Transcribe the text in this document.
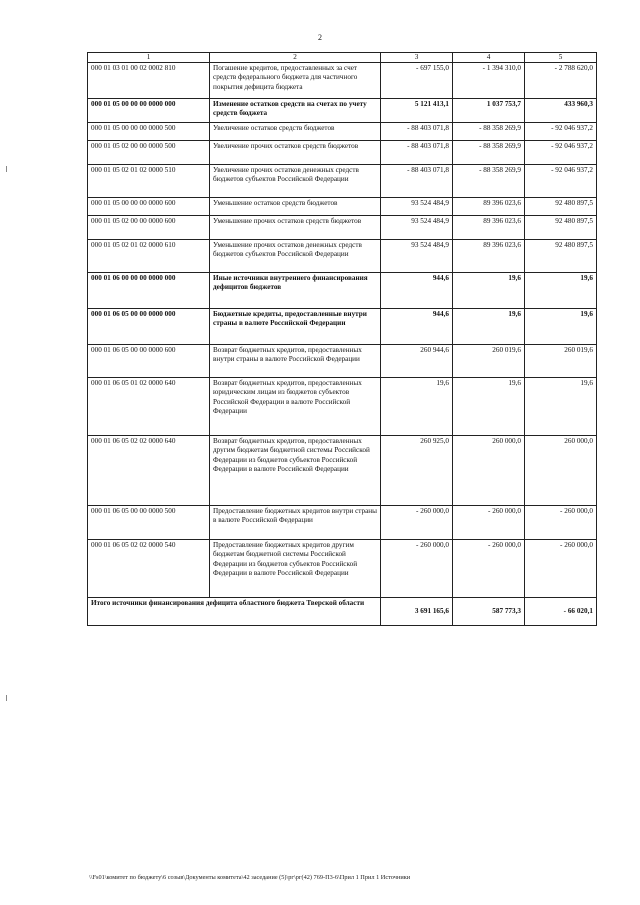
2
1	2	3	4	5
000 01 03 01 00 02 0002 810	Погашение кредитов, предоставленных за счет средств федерального бюджета для частичного покрытия дефицита бюджета	- 697 155,0	- 1 394 310,0	- 2 788 620,0
000 01 05 00 00 00 0000 000	Изменение остатков средств на счетах по учету средств бюджета	5 121 413,1	1 037 753,7	433 960,3
000 01 05 00 00 00 0000 500	Увеличение остатков средств бюджетов	- 88 403 071,8	- 88 358 269,9	- 92 046 937,2
000 01 05 02 00 00 0000 500	Увеличение прочих остатков средств бюджетов	- 88 403 071,8	- 88 358 269,9	- 92 046 937,2
000 01 05 02 01 02 0000 510	Увеличение прочих остатков денежных средств бюджетов субъектов Российской Федерации	- 88 403 071,8	- 88 358 269,9	- 92 046 937,2
000 01 05 00 00 00 0000 600	Уменьшение остатков средств бюджетов	93 524 484,9	89 396 023,6	92 480 897,5
000 01 05 02 00 00 0000 600	Уменьшение прочих остатков средств бюджетов	93 524 484,9	89 396 023,6	92 480 897,5
000 01 05 02 01 02 0000 610	Уменьшение прочих остатков денежных средств бюджетов субъектов Российской Федерации	93 524 484,9	89 396 023,6	92 480 897,5
000 01 06 00 00 00 0000 000	Иные источники внутреннего финансирования дефицитов бюджетов	944,6	19,6	19,6
000 01 06 05 00 00 0000 000	Бюджетные кредиты, предоставленные внутри страны в валюте Российской Федерации	944,6	19,6	19,6
000 01 06 05 00 00 0000 600	Возврат бюджетных кредитов, предоставленных внутри страны в валюте Российской Федерации	260 944,6	260 019,6	260 019,6
000 01 06 05 01 02 0000 640	Возврат бюджетных кредитов, предоставленных юридическим лицам из бюджетов субъектов Российской Федерации в валюте Российской Федерации	19,6	19,6	19,6
000 01 06 05 02 02 0000 640	Возврат бюджетных кредитов, предоставленных другим бюджетам бюджетной системы Российской Федерации из бюджетов субъектов Российской Федерации в валюте Российской Федерации	260 925,0	260 000,0	260 000,0
000 01 06 05 00 00 0000 500	Предоставление бюджетных кредитов внутри страны в валюте Российской Федерации	- 260 000,0	- 260 000,0	- 260 000,0
000 01 06 05 02 02 0000 540	Предоставление бюджетных кредитов другим бюджетам бюджетной системы Российской Федерации из бюджетов субъектов Российской Федерации в валюте Российской Федерации	- 260 000,0	- 260 000,0	- 260 000,0
Итого источники финансирования дефицита областного бюджета Тверской области		3 691 165,6	587 773,3	- 66 020,1
\\Fs01\комитет по бюджету\6 созыв\Документы комитета\42 заседание (5)\рг\рг(42) 769-П3-6\Прил 1 Прил 1 Источники
